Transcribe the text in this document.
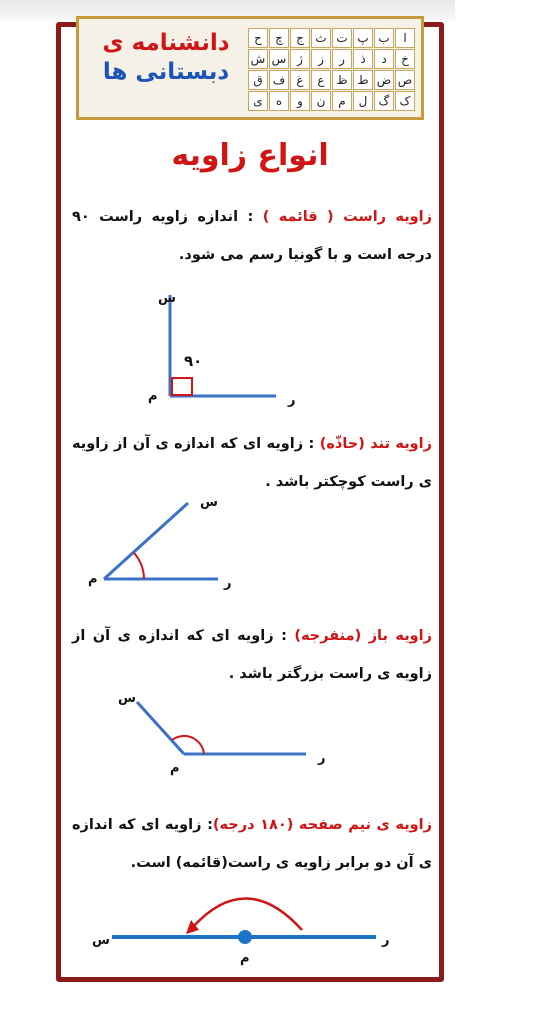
دانشنامه ی
دبستانی ها
ا
ب
پ
ت
ث
ج
چ
ح
خ
د
ذ
ر
ز
ژ
س
ش
ص
ض
ط
ظ
ع
غ
ف
ق
ک
گ
ل
م
ن
و
ه
ی
انواع زاویه
زاویه راست ( قائمه ) : اندازه زاویه راست ۹۰ درجه است و با گونیا رسم می شود.
زاویه تند (حاذّه) : زاویه ای که اندازه ی آن از زاویه ی راست کوچکتر باشد .
زاویه باز (منفرجه) : زاویه ای که اندازه ی آن از زاویه ی راست بزرگتر باشد .
زاویه ی نیم صفحه (۱۸۰ درجه): زاویه ای که اندازه ی آن دو برابر زاویه ی راست(قائمه) است.
س
م	ر
۹۰
س
م	ر
س
م
ر
س
م
ر
